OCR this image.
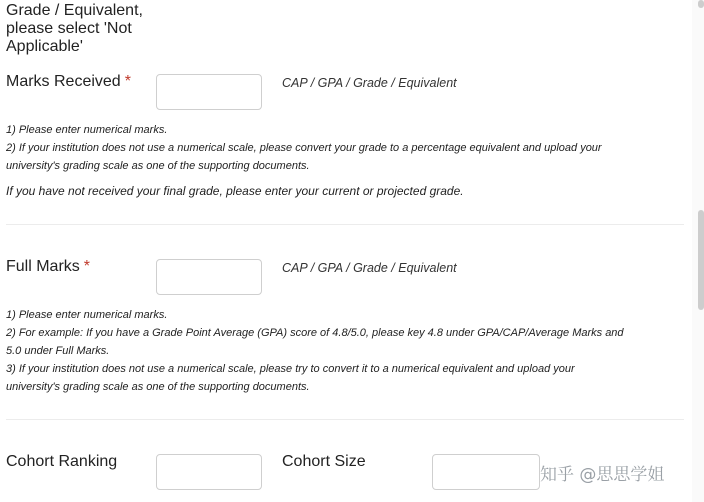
Grade / Equivalent,
please select 'Not
Applicable'
Marks Received *	CAP / GPA / Grade / Equivalent

1) Please enter numerical marks.

2) If your institution does not use a numerical scale, please convert your grade to a percentage equivalent and upload your

university's grading scale as one of the supporting documents.

If you have not received your final grade, please enter your current or projected grade.
Full Marks *	CAP / GPA / Grade / Equivalent

1) Please enter numerical marks.

2) For example: If you have a Grade Point Average (GPA) score of 4.8/5.0, please key 4.8 under GPA/CAP/Average Marks and

5.0 under Full Marks.

3) If your institution does not use a numerical scale, please try to convert it to a numerical equivalent and upload your

university's grading scale as one of the supporting documents.

Cohort Ranking	Cohort Size
知乎 @思思学姐
